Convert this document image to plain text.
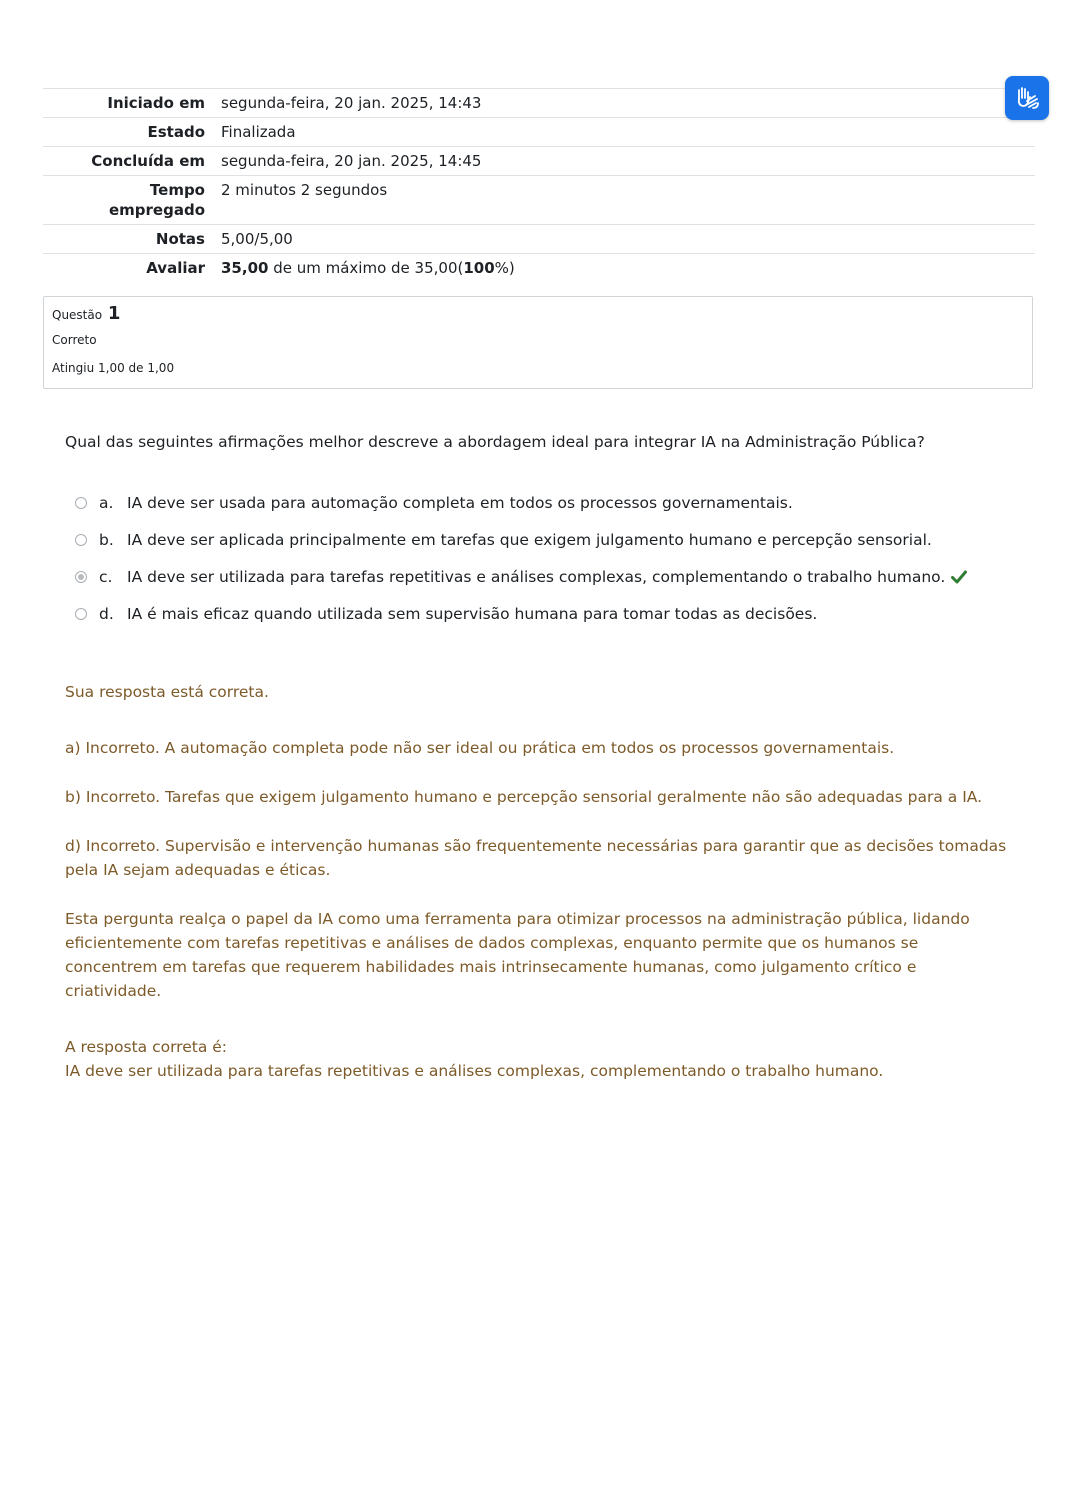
Iniciado em	segunda-feira, 20 jan. 2025, 14:43
Estado	Finalizada
Concluída em	segunda-feira, 20 jan. 2025, 14:45
Tempo empregado	2 minutos 2 segundos
Notas	5,00/5,00
Avaliar	35,00 de um máximo de 35,00(100%)
Questão 1
Correto
Atingiu 1,00 de 1,00
Qual das seguintes afirmações melhor descreve a abordagem ideal para integrar IA na Administração Pública?
a. IA deve ser usada para automação completa em todos os processos governamentais.
b. IA deve ser aplicada principalmente em tarefas que exigem julgamento humano e percepção sensorial.
c. IA deve ser utilizada para tarefas repetitivas e análises complexas, complementando o trabalho humano.
d. IA é mais eficaz quando utilizada sem supervisão humana para tomar todas as decisões.

Sua resposta está correta.

a) Incorreto. A automação completa pode não ser ideal ou prática em todos os processos governamentais.

b) Incorreto. Tarefas que exigem julgamento humano e percepção sensorial geralmente não são adequadas para a IA.

d) Incorreto. Supervisão e intervenção humanas são frequentemente necessárias para garantir que as decisões tomadas pela IA sejam adequadas e éticas.

Esta pergunta realça o papel da IA como uma ferramenta para otimizar processos na administração pública, lidando eficientemente com tarefas repetitivas e análises de dados complexas, enquanto permite que os humanos se concentrem em tarefas que requerem habilidades mais intrinsecamente humanas, como julgamento crítico e criatividade.

A resposta correta é:

IA deve ser utilizada para tarefas repetitivas e análises complexas, complementando o trabalho humano.
